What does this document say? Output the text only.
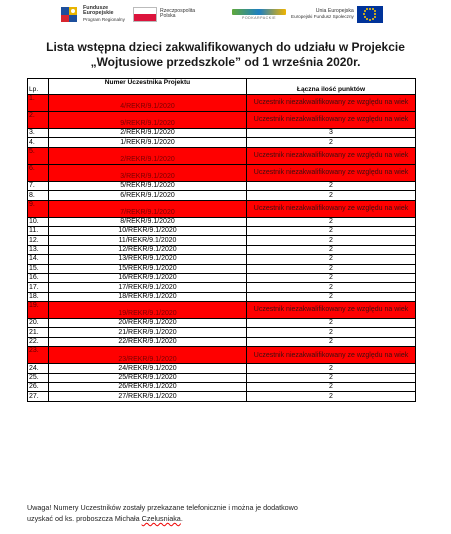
Fundusze
Europejskie
Program Regionalny
Rzeczpospolita
Polska	PODKARPACKIE
Unia Europejska
Europejski Fundusz Społeczny
Lista wstępna dzieci zakwalifikowanych do udziału w Projekcie
„Wojtusiowe przedszkole” od 1 września 2020r.
Lp.	Numer Uczestnika Projektu	Łączna ilość punktów
1.	4/REKR/9.1/2020	Uczestnik niezakwalifikowany ze względu na wiek
2.	9/REKR/9.1/2020	Uczestnik niezakwalifikowany ze względu na wiek
3.	2/REKR/9.1/2020	3
4.	1/REKR/9.1/2020	2
5.	2/REKR/9.1/2020	Uczestnik niezakwalifikowany ze względu na wiek
6.	3/REKR/9.1/2020	Uczestnik niezakwalifikowany ze względu na wiek
7.	5/REKR/9.1/2020	2
8.	6/REKR/9.1/2020	2
9.	7/REKR/9.1/2020	Uczestnik niezakwalifikowany ze względu na wiek
10.	8/REKR/9.1/2020	2
11.	10/REKR/9.1/2020	2
12.	11/REKR/9.1/2020	2
13.	12/REKR/9.1/2020	2
14.	13/REKR/9.1/2020	2
15.	15/REKR/9.1/2020	2
16.	16/REKR/9.1/2020	2
17.	17/REKR/9.1/2020	2
18.	18/REKR/9.1/2020	2
19.	19/REKR/9.1/2020	Uczestnik niezakwalifikowany ze względu na wiek
20.	20/REKR/9.1/2020	2
21.	21/REKR/9.1/2020	2
22.	22/REKR/9.1/2020	2
23.	23/REKR/9.1/2020	Uczestnik niezakwalifikowany ze względu na wiek
24.	24/REKR/9.1/2020	2
25.	25/REKR/9.1/2020	2
26.	26/REKR/9.1/2020	2
27.	27/REKR/9.1/2020	2
Uwaga! Numery Uczestników zostały przekazane telefonicznie i można je dodatkowo
uzyskać od ks. proboszcza Michała Czelusniaka.
